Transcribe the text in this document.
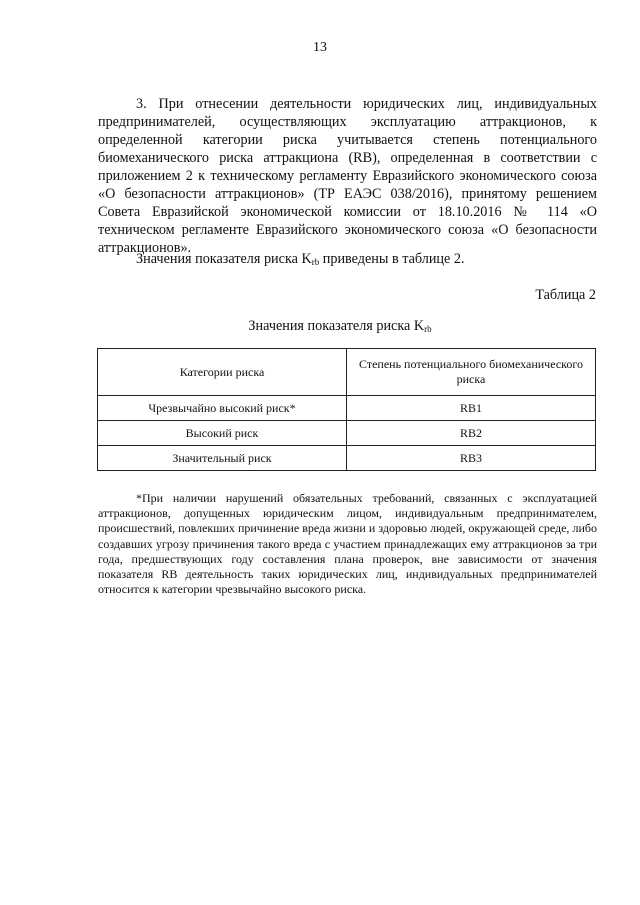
13

3. При отнесении деятельности юридических лиц, индивидуальных предпринимателей, осуществляющих эксплуатацию аттракционов, к определенной категории риска учитывается степень потенциального биомеханического риска аттракциона (RB), определенная в соответствии с приложением 2 к техническому регламенту Евразийского экономического союза «О безопасности аттракционов» (ТР ЕАЭС 038/2016), принятому решением Совета Евразийской экономической комиссии от 18.10.2016 № 114 «О техническом регламенте Евразийского экономического союза «О безопасности аттракционов».

Значения показателя риска $K_{rb}$ приведены в таблице 2.

Таблица 2
Значения показателя риска $K_{rb}$
Категории риска	Степень потенциального биомеханического риска
Чрезвычайно высокий риск*	RB1
Высокий риск	RB2
Значительный риск	RB3

*При наличии нарушений обязательных требований, связанных с эксплуатацией аттракционов, допущенных юридическим лицом, индивидуальным предпринимателем, происшествий, повлекших причинение вреда жизни и здоровью людей, окружающей среде, либо создавших угрозу причинения такого вреда с участием принадлежащих ему аттракционов за три года, предшествующих году составления плана проверок, вне зависимости от значения показателя RB деятельность таких юридических лиц, индивидуальных предпринимателей относится к категории чрезвычайно высокого риска.
